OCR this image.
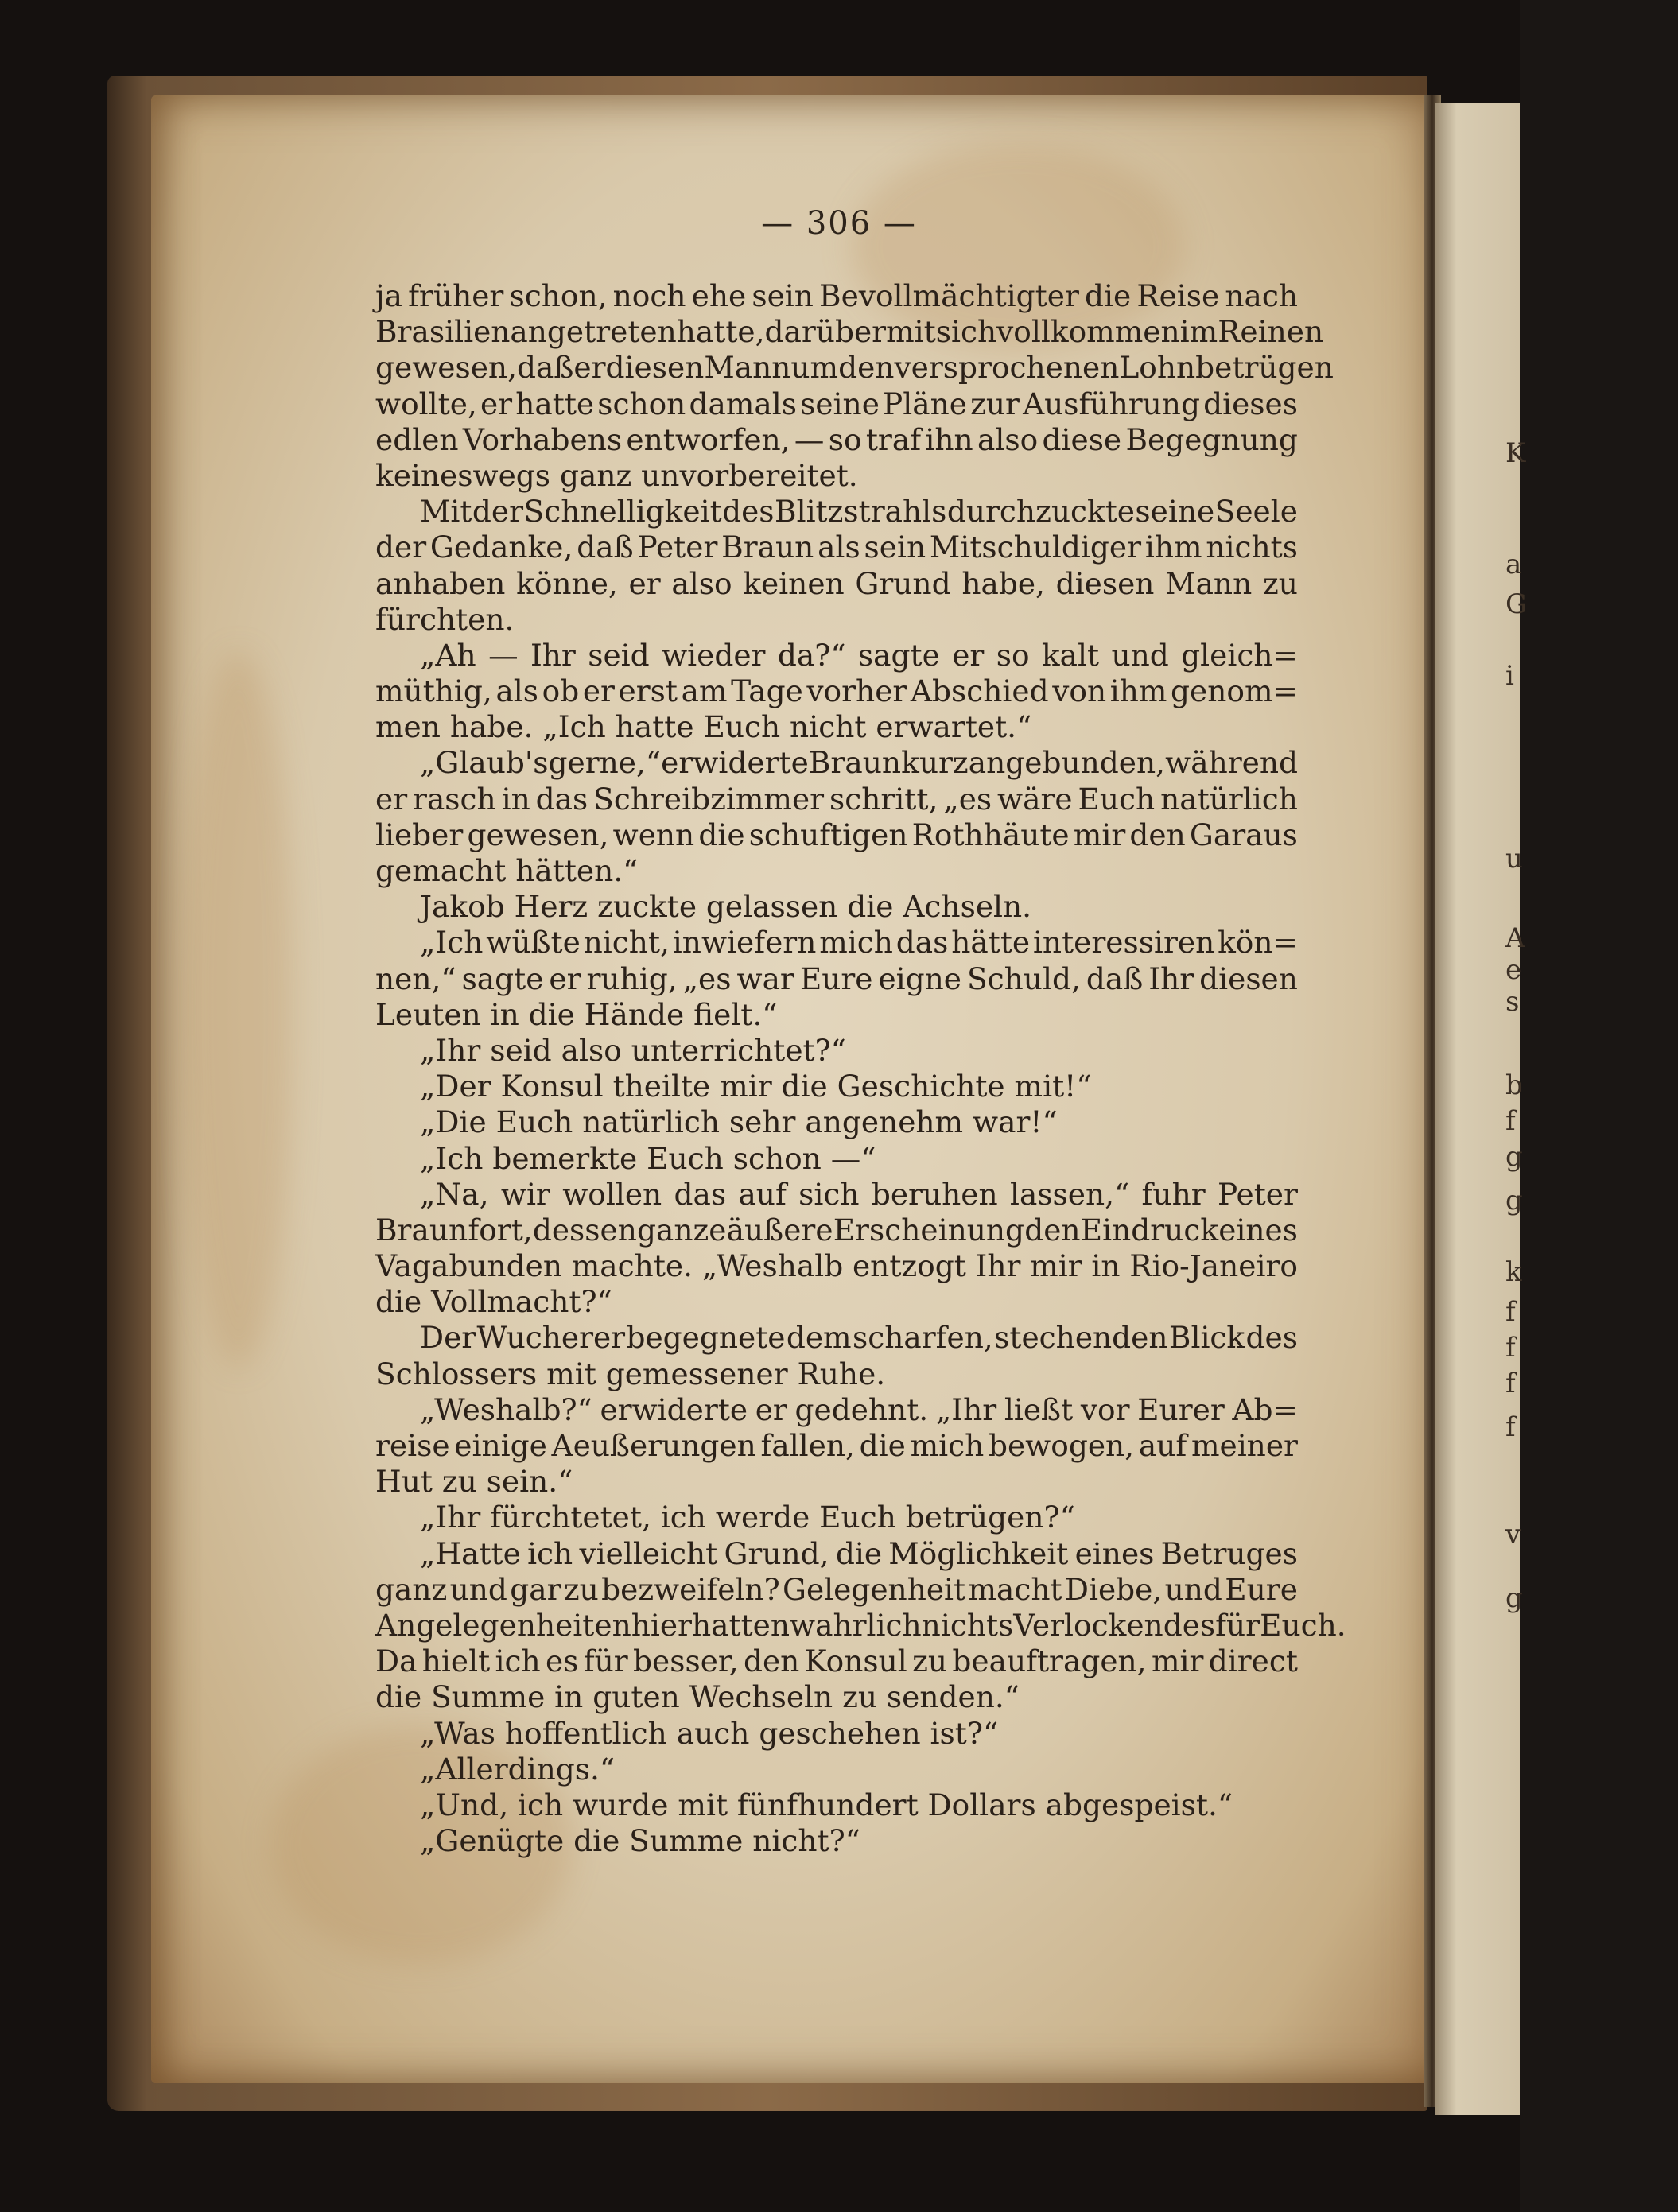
K
a
G
i
u
A
e
s
b
f
g
g
k
f
f
f
f
v
g
— 306 —
ja früher schon, noch ehe sein Bevollmächtigter die Reise nach
Brasilien angetreten hatte, darüber mit sich vollkommen im Reinen
gewesen, daß er diesen Mann um den versprochenen Lohn betrügen
wollte, er hatte schon damals seine Pläne zur Ausführung dieses
edlen Vorhabens entworfen, — so traf ihn also diese Begegnung
keineswegs ganz unvorbereitet.
Mit der Schnelligkeit des Blitzstrahls durchzuckte seine Seele
der Gedanke, daß Peter Braun als sein Mitschuldiger ihm nichts
anhaben könne, er also keinen Grund habe, diesen Mann zu
fürchten.
„Ah — Ihr seid wieder da?“ sagte er so kalt und gleich=
müthig, als ob er erst am Tage vorher Abschied von ihm genom=
men habe. „Ich hatte Euch nicht erwartet.“
„Glaub's gerne,“ erwiderte Braun kurz angebunden, während
er rasch in das Schreibzimmer schritt, „es wäre Euch natürlich
lieber gewesen, wenn die schuftigen Rothhäute mir den Garaus
gemacht hätten.“
Jakob Herz zuckte gelassen die Achseln.
„Ich wüßte nicht, inwiefern mich das hätte interessiren kön=
nen,“ sagte er ruhig, „es war Eure eigne Schuld, daß Ihr diesen
Leuten in die Hände fielt.“
„Ihr seid also unterrichtet?“
„Der Konsul theilte mir die Geschichte mit!“
„Die Euch natürlich sehr angenehm war!“
„Ich bemerkte Euch schon —“
„Na, wir wollen das auf sich beruhen lassen,“ fuhr Peter
Braun fort, dessen ganze äußere Erscheinung den Eindruck eines
Vagabunden machte. „Weshalb entzogt Ihr mir in Rio-Janeiro
die Vollmacht?“
Der Wucherer begegnete dem scharfen, stechenden Blick des
Schlossers mit gemessener Ruhe.
„Weshalb?“ erwiderte er gedehnt. „Ihr ließt vor Eurer Ab=
reise einige Aeußerungen fallen, die mich bewogen, auf meiner
Hut zu sein.“
„Ihr fürchtetet, ich werde Euch betrügen?“
„Hatte ich vielleicht Grund, die Möglichkeit eines Betruges
ganz und gar zu bezweifeln? Gelegenheit macht Diebe, und Eure
Angelegenheiten hier hatten wahrlich nichts Verlockendes für Euch.
Da hielt ich es für besser, den Konsul zu beauftragen, mir direct
die Summe in guten Wechseln zu senden.“
„Was hoffentlich auch geschehen ist?“
„Allerdings.“
„Und, ich wurde mit fünfhundert Dollars abgespeist.“
„Genügte die Summe nicht?“
